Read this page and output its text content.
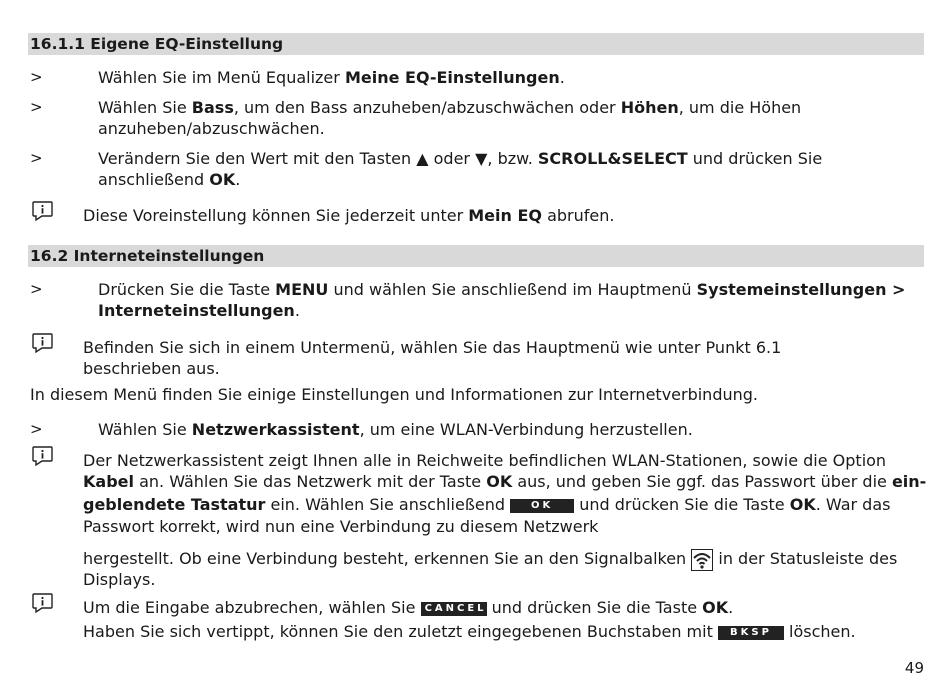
16.1.1 Eigene EQ-Einstellung
>	Wählen Sie im Menü Equalizer Meine EQ-Einstellungen.
>	Wählen Sie Bass, um den Bass anzuheben/abzuschwächen oder Höhen, um die Höhen
anzuheben/abzuschwächen.
>	Verändern Sie den Wert mit den Tasten ▲ oder ▼, bzw. SCROLL&SELECT und drücken Sie
anschließend OK.
Diese Voreinstellung können Sie jederzeit unter Mein EQ abrufen.
16.2 Interneteinstellungen
>	Drücken Sie die Taste MENU und wählen Sie anschließend im Hauptmenü Systemeinstellungen >
Interneteinstellungen.
Befinden Sie sich in einem Untermenü, wählen Sie das Hauptmenü wie unter Punkt 6.1
beschrieben aus.
In diesem Menü finden Sie einige Einstellungen und Informationen zur Internetverbindung.
>	Wählen Sie Netzwerkassistent, um eine WLAN-Verbindung herzustellen.
Der Netzwerkassistent zeigt Ihnen alle in Reichweite befindlichen WLAN-Stationen, sowie die Option
Kabel an. Wählen Sie das Netzwerk mit der Taste OK aus, und geben Sie ggf. das Passwort über die ein-
geblendete Tastatur ein. Wählen Sie anschließend OK und drücken Sie die Taste OK. War das
Passwort korrekt, wird nun eine Verbindung zu diesem Netzwerk
hergestellt. Ob eine Verbindung besteht, erkennen Sie an den Signalbalken  in der Statusleiste des
Displays.
Um die Eingabe abzubrechen, wählen Sie CANCEL und drücken Sie die Taste OK.
Haben Sie sich vertippt, können Sie den zuletzt eingegebenen Buchstaben mit BKSP löschen.
49
